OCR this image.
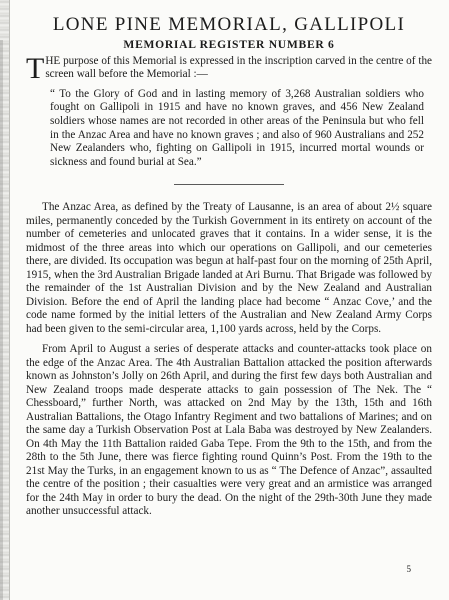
LONE PINE MEMORIAL, GALLIPOLI
MEMORIAL REGISTER NUMBER 6

THE purpose of this Memorial is expressed in the inscription carved in the centre of the screen wall before the Memorial :—

“ To the Glory of God and in lasting memory of 3,268 Australian soldiers who fought on Gallipoli in 1915 and have no known graves, and 456 New Zealand soldiers whose names are not recorded in other areas of the Peninsula but who fell in the Anzac Area and have no known graves ; and also of 960 Australians and 252 New Zealanders who, fighting on Gallipoli in 1915, incurred mortal wounds or sickness and found burial at Sea.”

The Anzac Area, as defined by the Treaty of Lausanne, is an area of about 2½ square miles, permanently conceded by the Turkish Government in its entirety on account of the number of cemeteries and unlocated graves that it contains. In a wider sense, it is the midmost of the three areas into which our operations on Gallipoli, and our cemeteries there, are divided. Its occupation was begun at half-past four on the morning of 25th April, 1915, when the 3rd Australian Brigade landed at Ari Burnu. That Brigade was followed by the remainder of the 1st Australian Division and by the New Zealand and Australian Division. Before the end of April the landing place had become “ Anzac Cove,’ and the code name formed by the initial letters of the Australian and New Zealand Army Corps had been given to the semi-circular area, 1,100 yards across, held by the Corps.

From April to August a series of desperate attacks and counter-attacks took place on the edge of the Anzac Area. The 4th Australian Battalion attacked the position afterwards known as Johnston’s Jolly on 26th April, and during the first few days both Australian and New Zealand troops made desperate attacks to gain possession of The Nek. The “ Chessboard,” further North, was attacked on 2nd May by the 13th, 15th and 16th Australian Battalions, the Otago Infantry Regiment and two battalions of Marines; and on the same day a Turkish Observation Post at Lala Baba was destroyed by New Zealanders. On 4th May the 11th Battalion raided Gaba Tepe. From the 9th to the 15th, and from the 28th to the 5th June, there was fierce fighting round Quinn’s Post. From the 19th to the 21st May the Turks, in an engagement known to us as “ The Defence of Anzac”, assaulted the centre of the position ; their casualties were very great and an armistice was arranged for the 24th May in order to bury the dead. On the night of the 29th-30th June they made another unsuccessful attack.

5
